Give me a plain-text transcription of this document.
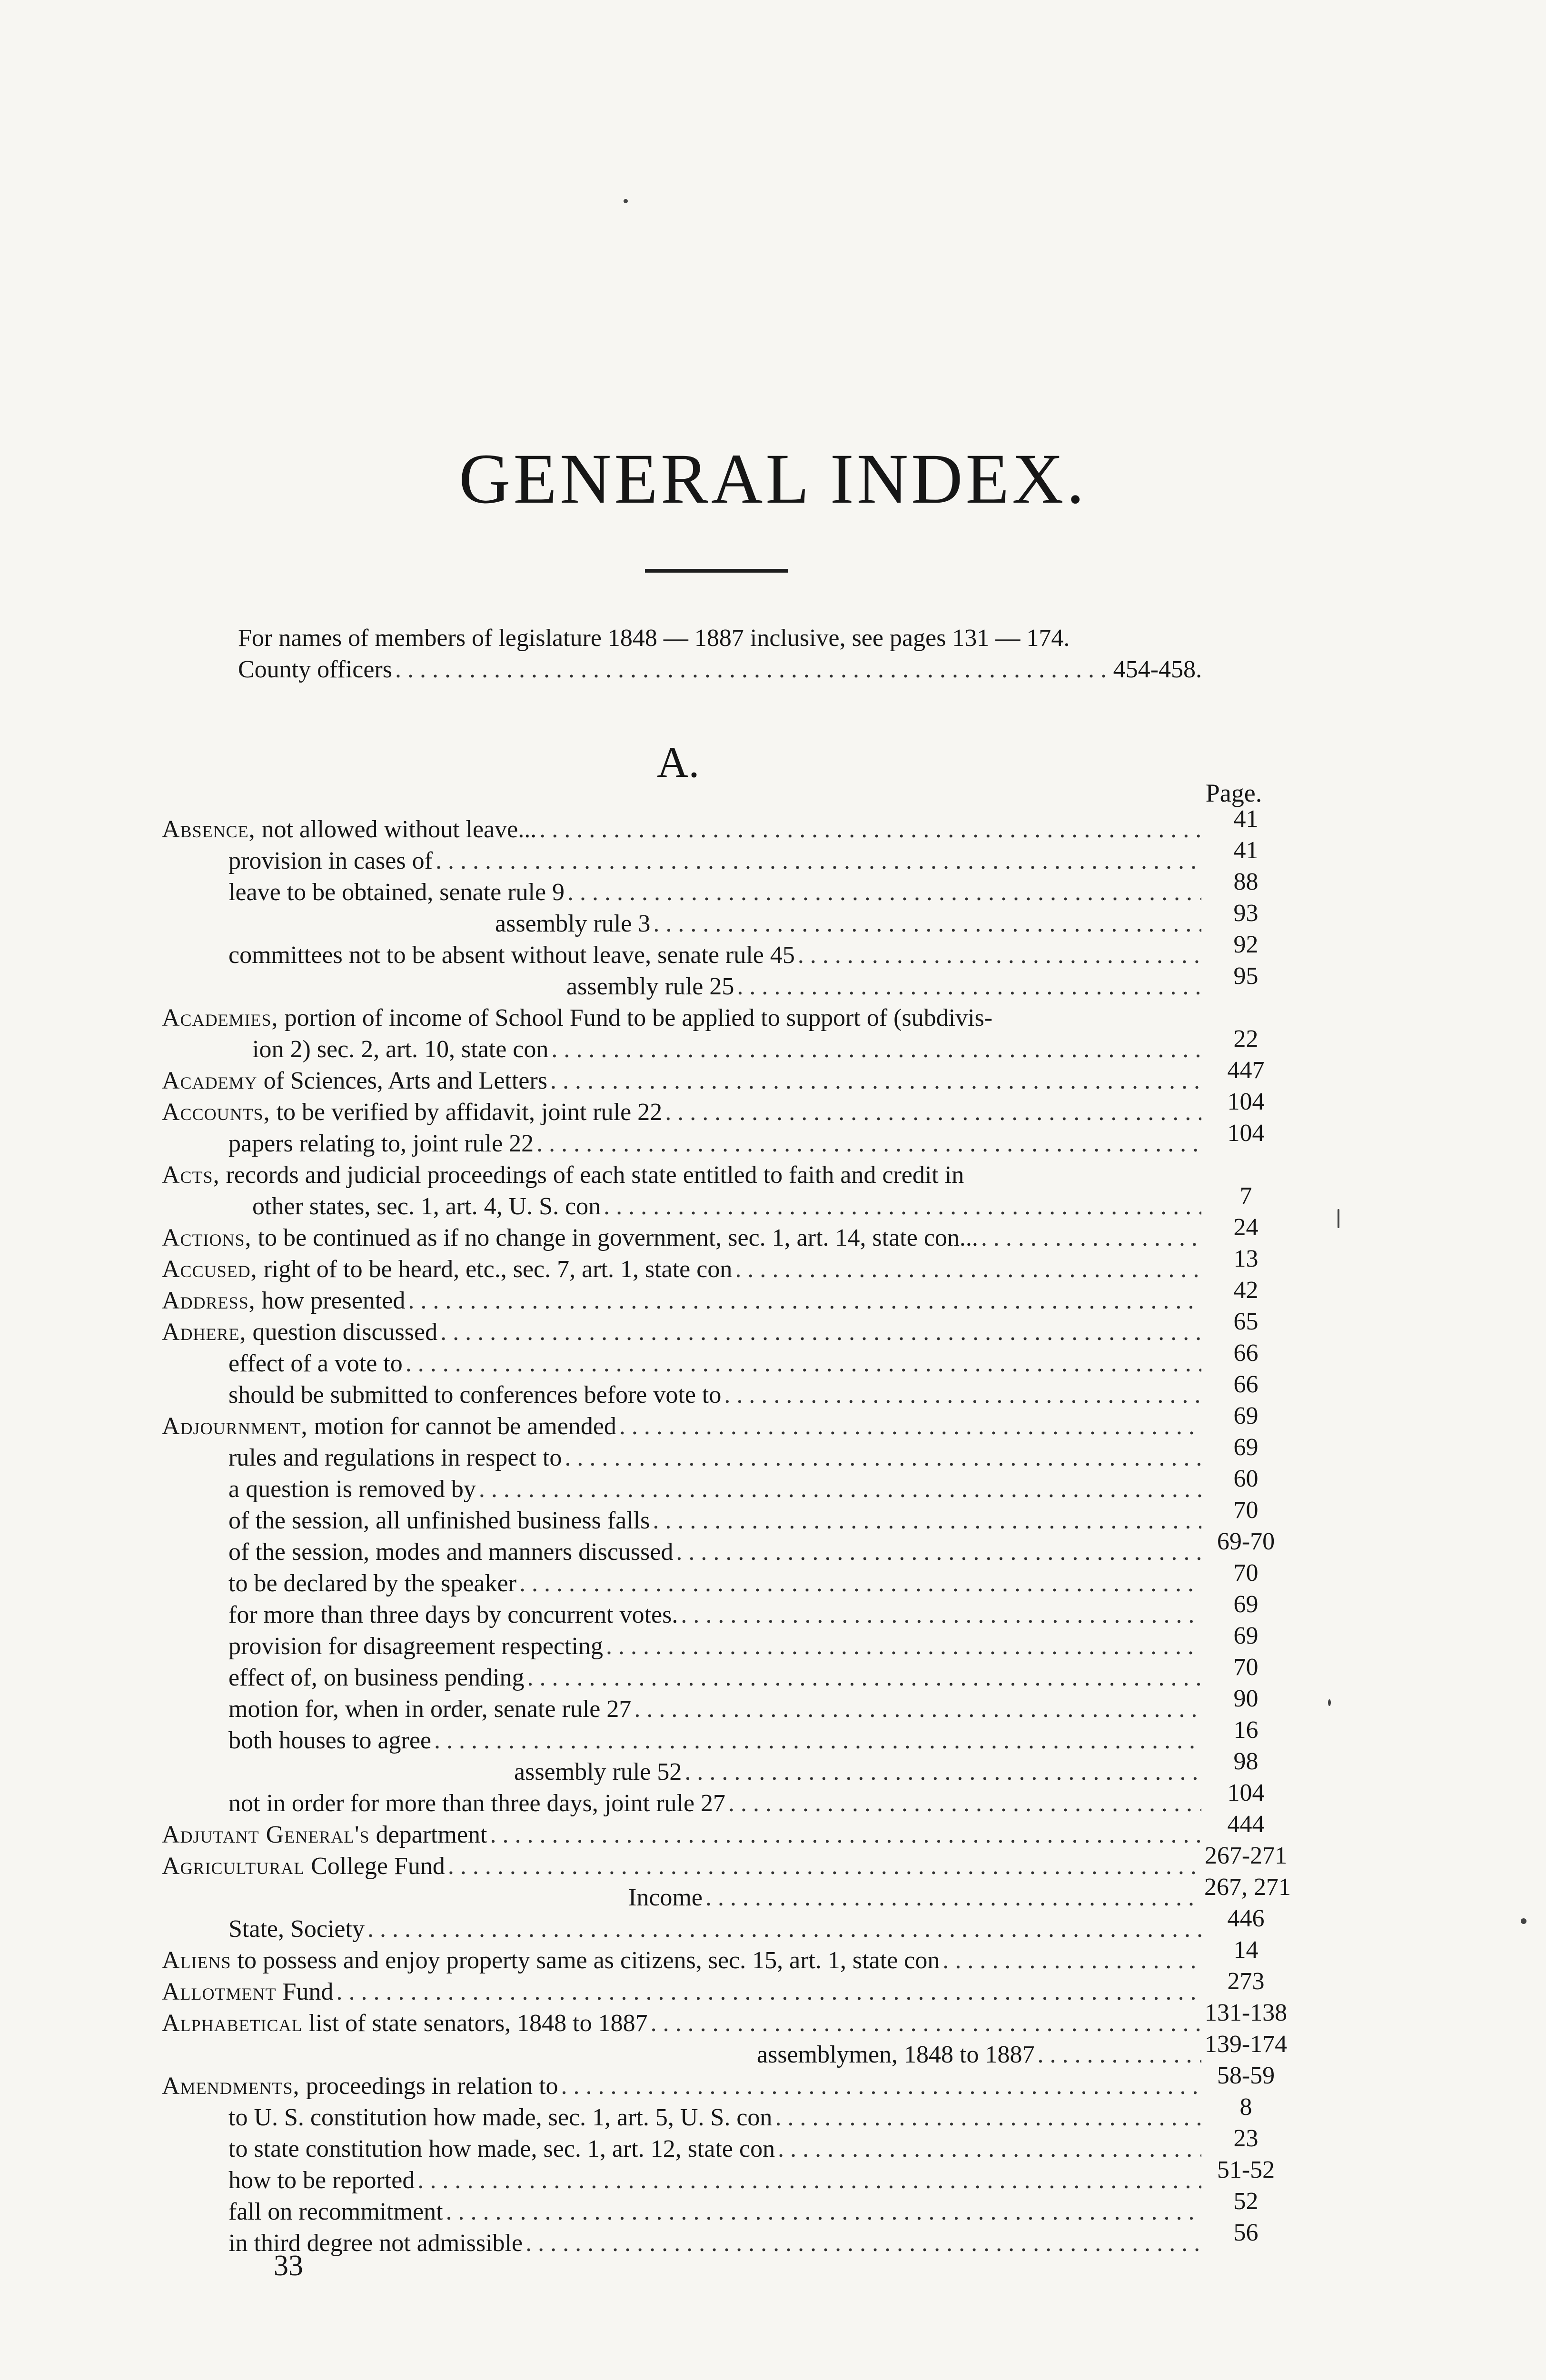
GENERAL INDEX.
For names of members of legislature 1848 — 1887 inclusive, see pages 131 — 174.
County officers . . .	454-458.
A.
Page.
Absence, not allowed without leave... . . .	41
provision in cases of . . .	41
leave to be obtained, senate rule 9 . . .	88
assembly rule 3 . . .	93
committees not to be absent without leave, senate rule 45 . . .	92
assembly rule 25 . . .	95
Academies, portion of income of School Fund to be applied to support of (subdivis-
ion 2) sec. 2, art. 10, state con . . .	22
Academy of Sciences, Arts and Letters . . .	447
Accounts, to be verified by affidavit, joint rule 22 . . .	104
papers relating to, joint rule 22 . . .	104
Acts, records and judicial proceedings of each state entitled to faith and credit in
other states, sec. 1, art. 4, U. S. con . . .	7
Actions, to be continued as if no change in government, sec. 1, art. 14, state con... . . .	24
Accused, right of to be heard, etc., sec. 7, art. 1, state con . . .	13
Address, how presented . . .	42
Adhere, question discussed . . .	65
effect of a vote to . . .	66
should be submitted to conferences before vote to . . .	66
Adjournment, motion for cannot be amended . . .	69
rules and regulations in respect to . . .	69
a question is removed by . . .	60
of the session, all unfinished business falls . . .	70
of the session, modes and manners discussed . . .	69-70
to be declared by the speaker . . .	70
for more than three days by concurrent votes. . . .	69
provision for disagreement respecting . . .	69
effect of, on business pending . . .	70
motion for, when in order, senate rule 27 . . .	90
both houses to agree . . .	16
assembly rule 52 . . .	98
not in order for more than three days, joint rule 27 . . .	104
Adjutant General's department . . .	444
Agricultural College Fund . . .	267-271
Income . . .	267, 271
State, Society . . .	446
Aliens to possess and enjoy property same as citizens, sec. 15, art. 1, state con . . .	14
Allotment Fund . . .	273
Alphabetical list of state senators, 1848 to 1887 . . .	131-138
assemblymen, 1848 to 1887 . . .	139-174
Amendments, proceedings in relation to . . .	58-59
to U. S. constitution how made, sec. 1, art. 5, U. S. con . . .	8
to state constitution how made, sec. 1, art. 12, state con . . .	23
how to be reported . . .	51-52
fall on recommitment . . .	52
in third degree not admissible . . .	56
33
